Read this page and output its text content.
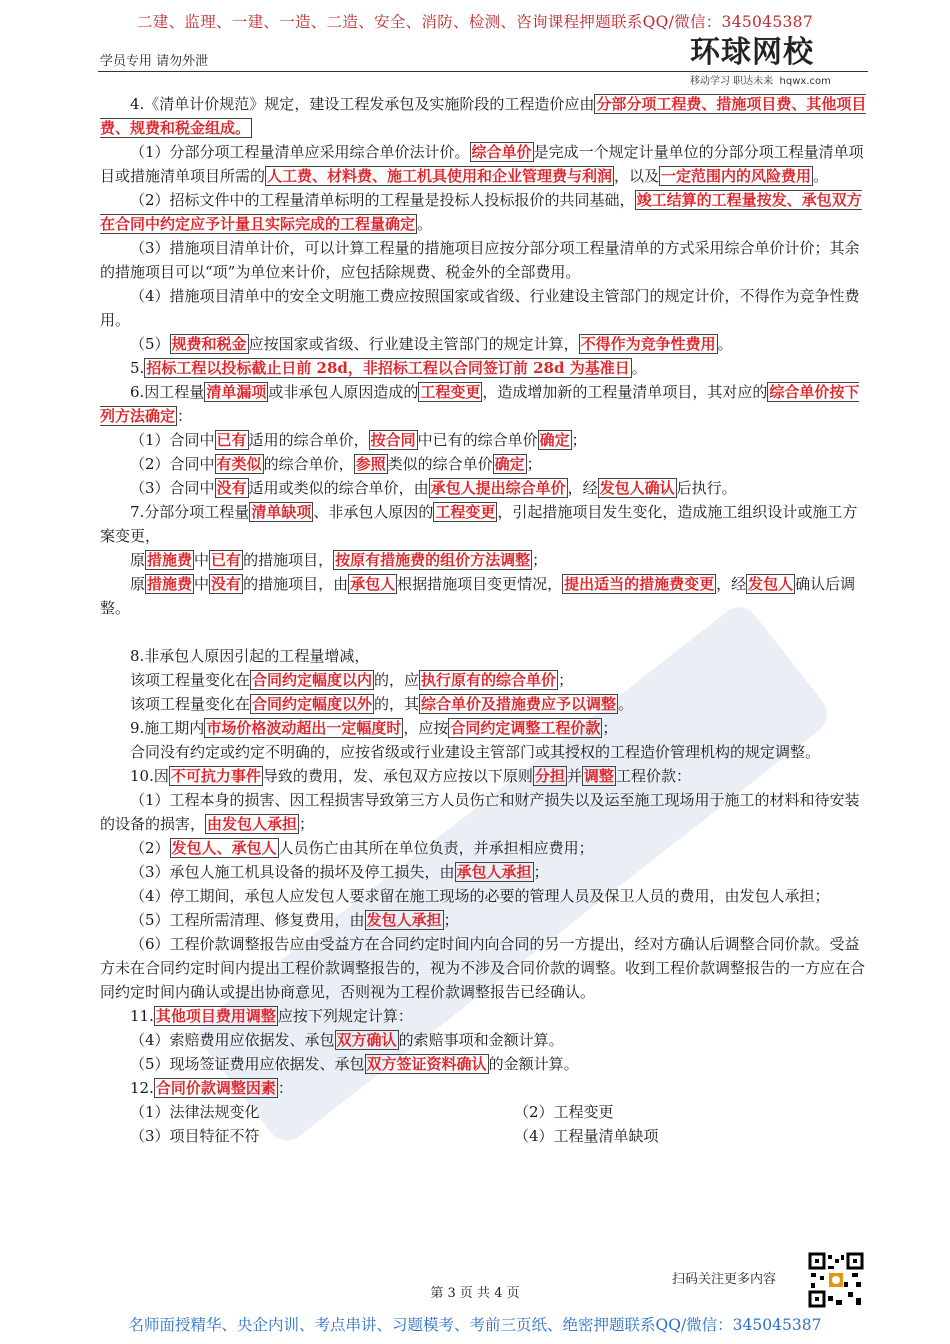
二建、监理、一建、一造、二造、安全、消防、检测、咨询课程押题联系QQ/微信：345045387
学员专用 请勿外泄	环球网校
移动学习 职达未来 hqwx.com

4.《清单计价规范》规定，建设工程发承包及实施阶段的工程造价应由 分部分项工程费、措施项目费、其他项目费、规费和税金组成。

（1）分部分项工程量清单应采用综合单价法计价。 综合单价 是完成一个规定计量单位的分部分项工程量清单项目或措施清单项目所需的 人工费、材料费、施工机具使用和企业管理费与利润 ，以及 一定范围内的风险费用 。

（2）招标文件中的工程量清单标明的工程量是投标人投标报价的共同基础， 竣工结算的工程量按发、承包双方在合同中约定应予计量且实际完成的工程量确定 。

（3）措施项目清单计价，可以计算工程量的措施项目应按分部分项工程量清单的方式采用综合单价计价；其余的措施项目可以“项”为单位来计价，应包括除规费、税金外的全部费用。

（4）措施项目清单中的安全文明施工费应按照国家或省级、行业建设主管部门的规定计价，不得作为竞争性费用。

（5） 规费和税金 应按国家或省级、行业建设主管部门的规定计算， 不得作为竞争性费用 。

5. 招标工程以投标截止日前 28d，非招标工程以合同签订前 28d 为基准日 。

6.因工程量 清单漏项 或非承包人原因造成的 工程变更 ，造成增加新的工程量清单项目，其对应的 综合单价按下列方法确定 ：

（1）合同中 已有 适用的综合单价， 按合同 中已有的综合单价 确定 ；

（2）合同中 有类似 的综合单价， 参照 类似的综合单价 确定 ；

（3）合同中 没有 适用或类似的综合单价，由 承包人提出综合单价 ，经 发包人确认 后执行。

7.分部分项工程量 清单缺项 、非承包人原因的 工程变更 ，引起措施项目发生变化，造成施工组织设计或施工方案变更，

原 措施费 中 已有 的措施项目， 按原有措施费的组价方法调整 ；

原 措施费 中 没有 的措施项目，由 承包人 根据措施项目变更情况， 提出适当的措施费变更 ，经 发包人 确认后调整。

8.非承包人原因引起的工程量增减，

该项工程量变化在 合同约定幅度以内 的，应 执行原有的综合单价 ；

该项工程量变化在 合同约定幅度以外 的，其 综合单价及措施费应予以调整 。

9.施工期内 市场价格波动超出一定幅度时 ，应按 合同约定调整工程价款 ；

合同没有约定或约定不明确的，应按省级或行业建设主管部门或其授权的工程造价管理机构的规定调整。

10.因 不可抗力事件 导致的费用，发、承包双方应按以下原则 分担 并 调整 工程价款：

（1）工程本身的损害、因工程损害导致第三方人员伤亡和财产损失以及运至施工现场用于施工的材料和待安装的设备的损害， 由发包人承担 ；

（2） 发包人、承包人 人员伤亡由其所在单位负责，并承担相应费用；

（3）承包人施工机具设备的损坏及停工损失，由 承包人承担 ；

（4）停工期间，承包人应发包人要求留在施工现场的必要的管理人员及保卫人员的费用，由发包人承担；

（5）工程所需清理、修复费用，由 发包人承担 ；

（6）工程价款调整报告应由受益方在合同约定时间内向合同的另一方提出，经对方确认后调整合同价款。受益方未在合同约定时间内提出工程价款调整报告的，视为不涉及合同价款的调整。收到工程价款调整报告的一方应在合同约定时间内确认或提出协商意见，否则视为工程价款调整报告已经确认。

11. 其他项目费用调整 应按下列规定计算：

（4）索赔费用应依据发、承包 双方确认 的索赔事项和金额计算。

（5）现场签证费用应依据发、承包 双方签证资料确认 的金额计算。

12. 合同价款调整因素 ：

（1）法律法规变化	（2）工程变更

（3）项目特征不符	（4）工程量清单缺项

扫码关注更多内容
第 3 页 共 4 页
名师面授精华、央企内训、考点串讲、习题模考、考前三页纸、绝密押题联系QQ/微信：345045387
